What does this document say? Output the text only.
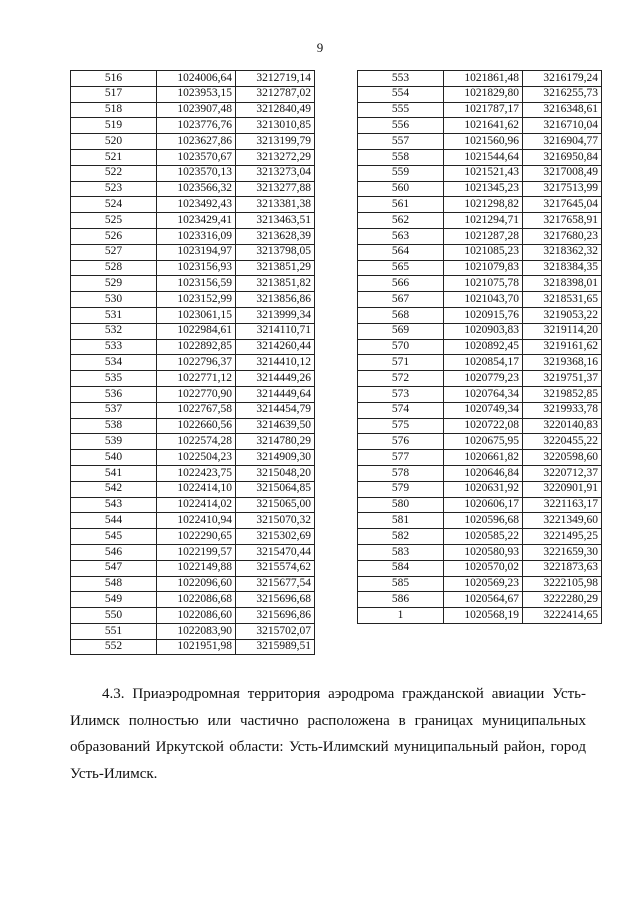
9
516	1024006,64	3212719,14
517	1023953,15	3212787,02
518	1023907,48	3212840,49
519	1023776,76	3213010,85
520	1023627,86	3213199,79
521	1023570,67	3213272,29
522	1023570,13	3213273,04
523	1023566,32	3213277,88
524	1023492,43	3213381,38
525	1023429,41	3213463,51
526	1023316,09	3213628,39
527	1023194,97	3213798,05
528	1023156,93	3213851,29
529	1023156,59	3213851,82
530	1023152,99	3213856,86
531	1023061,15	3213999,34
532	1022984,61	3214110,71
533	1022892,85	3214260,44
534	1022796,37	3214410,12
535	1022771,12	3214449,26
536	1022770,90	3214449,64
537	1022767,58	3214454,79
538	1022660,56	3214639,50
539	1022574,28	3214780,29
540	1022504,23	3214909,30
541	1022423,75	3215048,20
542	1022414,10	3215064,85
543	1022414,02	3215065,00
544	1022410,94	3215070,32
545	1022290,65	3215302,69
546	1022199,57	3215470,44
547	1022149,88	3215574,62
548	1022096,60	3215677,54
549	1022086,68	3215696,68
550	1022086,60	3215696,86
551	1022083,90	3215702,07
552	1021951,98	3215989,51
553	1021861,48	3216179,24
554	1021829,80	3216255,73
555	1021787,17	3216348,61
556	1021641,62	3216710,04
557	1021560,96	3216904,77
558	1021544,64	3216950,84
559	1021521,43	3217008,49
560	1021345,23	3217513,99
561	1021298,82	3217645,04
562	1021294,71	3217658,91
563	1021287,28	3217680,23
564	1021085,23	3218362,32
565	1021079,83	3218384,35
566	1021075,78	3218398,01
567	1021043,70	3218531,65
568	1020915,76	3219053,22
569	1020903,83	3219114,20
570	1020892,45	3219161,62
571	1020854,17	3219368,16
572	1020779,23	3219751,37
573	1020764,34	3219852,85
574	1020749,34	3219933,78
575	1020722,08	3220140,83
576	1020675,95	3220455,22
577	1020661,82	3220598,60
578	1020646,84	3220712,37
579	1020631,92	3220901,91
580	1020606,17	3221163,17
581	1020596,68	3221349,60
582	1020585,22	3221495,25
583	1020580,93	3221659,30
584	1020570,02	3221873,63
585	1020569,23	3222105,98
586	1020564,67	3222280,29
1	1020568,19	3222414,65
4.3. Приаэродромная территория аэродрома гражданской авиации Усть-Илимск полностью или частично расположена в границах муниципальных образований Иркутской области: Усть-Илимский муниципальный район, город Усть-Илимск.
